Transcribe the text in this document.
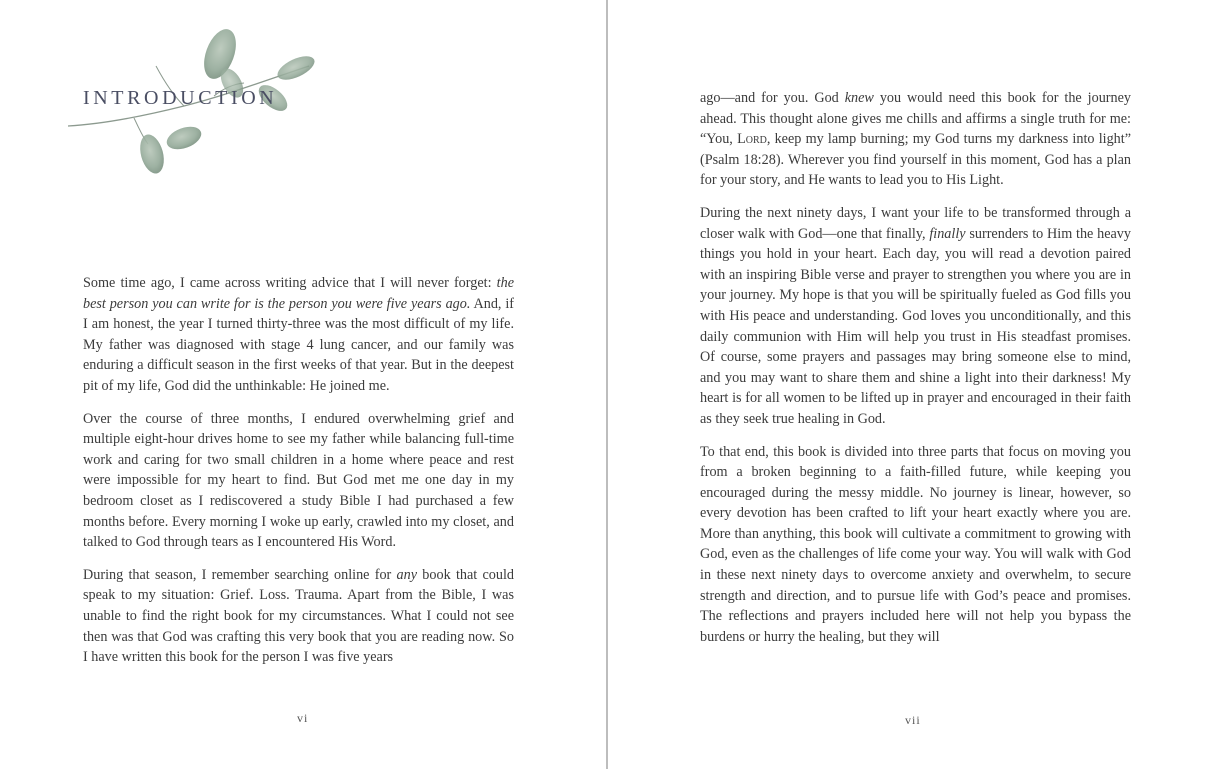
INTRODUCTION

Some time ago, I came across writing advice that I will never forget: the best person you can write for is the person you were five years ago. And, if I am honest, the year I turned thirty-three was the most difficult of my life. My father was diagnosed with stage 4 lung cancer, and our family was enduring a difficult season in the first weeks of that year. But in the deepest pit of my life, God did the unthinkable: He joined me.

Over the course of three months, I endured overwhelming grief and multiple eight-hour drives home to see my father while balancing full-time work and caring for two small children in a home where peace and rest were impossible for my heart to find. But God met me one day in my bedroom closet as I rediscovered a study Bible I had purchased a few months before. Every morning I woke up early, crawled into my closet, and talked to God through tears as I encountered His Word.

During that season, I remember searching online for any book that could speak to my situation: Grief. Loss. Trauma. Apart from the Bible, I was unable to find the right book for my circumstances. What I could not see then was that God was crafting this very book that you are reading now. So I have written this book for the person I was five years

vi

ago—and for you. God knew you would need this book for the journey ahead. This thought alone gives me chills and affirms a single truth for me: “You, Lord, keep my lamp burning; my God turns my darkness into light” (Psalm 18:28). Wherever you find yourself in this moment, God has a plan for your story, and He wants to lead you to His Light.

During the next ninety days, I want your life to be transformed through a closer walk with God—one that finally, finally surrenders to Him the heavy things you hold in your heart. Each day, you will read a devotion paired with an inspiring Bible verse and prayer to strengthen you where you are in your journey. My hope is that you will be spiritually fueled as God fills you with His peace and understanding. God loves you unconditionally, and this daily communion with Him will help you trust in His steadfast promises. Of course, some prayers and passages may bring someone else to mind, and you may want to share them and shine a light into their darkness! My heart is for all women to be lifted up in prayer and encouraged in their faith as they seek true healing in God.

To that end, this book is divided into three parts that focus on moving you from a broken beginning to a faith-filled future, while keeping you encouraged during the messy middle. No journey is linear, however, so every devotion has been crafted to lift your heart exactly where you are. More than anything, this book will cultivate a commitment to growing with God, even as the challenges of life come your way. You will walk with God in these next ninety days to overcome anxiety and overwhelm, to secure strength and direction, and to pursue life with God’s peace and promises. The reflections and prayers included here will not help you bypass the burdens or hurry the healing, but they will

vii
